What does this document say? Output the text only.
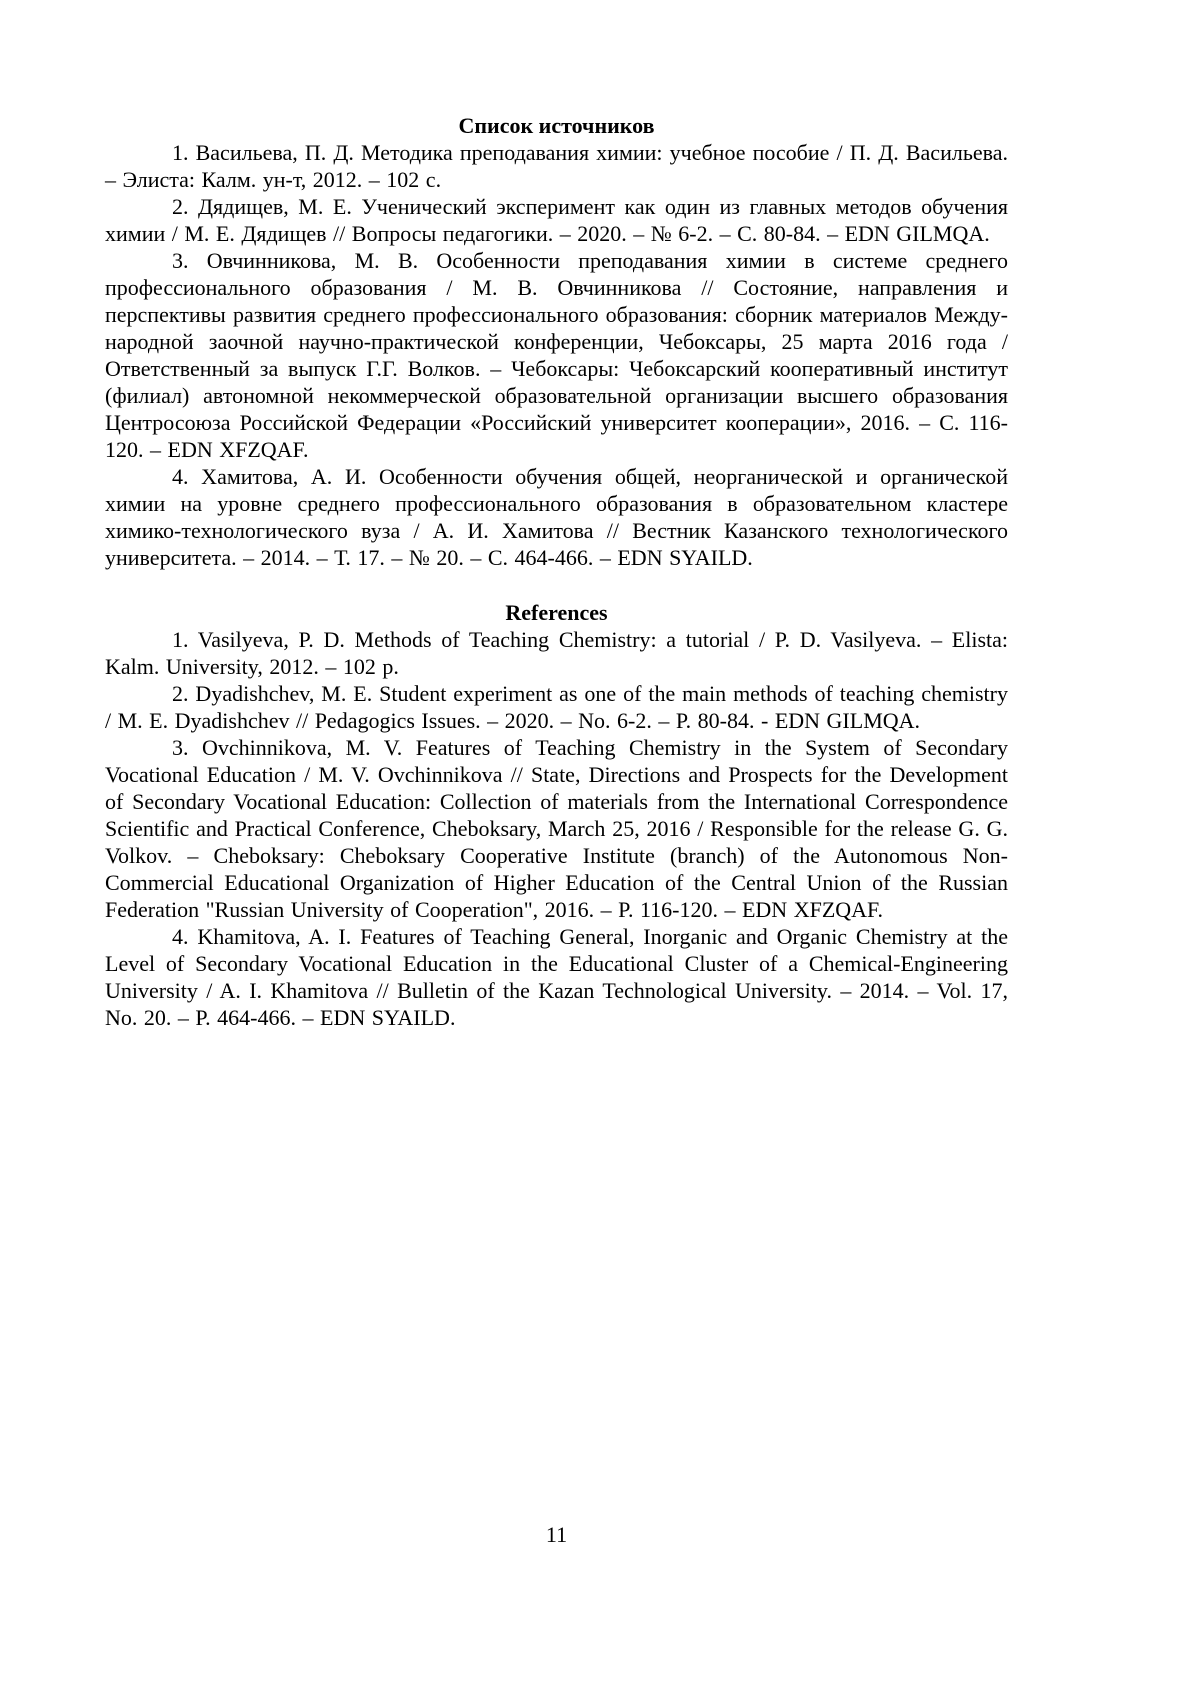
Список источников

1. Васильева, П. Д. Методика преподавания химии: учебное пособие / П. Д. Васильева. – Элиста: Калм. ун-т, 2012. – 102 с.

2. Дядищев, М. Е. Ученический эксперимент как один из главных методов обучения химии / М. Е. Дядищев // Вопросы педагогики. – 2020. – № 6-2. – С. 80-84. – EDN GILMQA.

3. Овчинникова, М. В. Особенности преподавания химии в системе среднего профессионального образования / М. В. Овчинникова // Состояние, направления и перспективы развития среднего профессионального образования: сборник материалов Между-народной заочной научно-практической конференции, Чебоксары, 25 марта 2016 года / Ответственный за выпуск Г.Г. Волков. – Чебоксары: Чебоксарский кооперативный институт (филиал) автономной некоммерческой образовательной организации высшего образования Центросоюза Российской Федерации «Российский университет кооперации», 2016. – С. 116-120. – EDN XFZQAF.

4. Хамитова, А. И. Особенности обучения общей, неорганической и органической химии на уровне среднего профессионального образования в образовательном кластере химико-технологического вуза / А. И. Хамитова // Вестник Казанского технологического университета. – 2014. – Т. 17. – № 20. – С. 464-466. – EDN SYAILD.

References

1. Vasilyeva, P. D. Methods of Teaching Chemistry: a tutorial / P. D. Vasilyeva. – Elista: Kalm. University, 2012. – 102 p.

2. Dyadishchev, M. E. Student experiment as one of the main methods of teaching chemistry / M. E. Dyadishchev // Pedagogics Issues. – 2020. – No. 6-2. – P. 80-84. - EDN GILMQA.

3. Ovchinnikova, M. V. Features of Teaching Chemistry in the System of Secondary Vocational Education / M. V. Ovchinnikova // State, Directions and Prospects for the Development of Secondary Vocational Education: Collection of materials from the International Correspondence Scientific and Practical Conference, Cheboksary, March 25, 2016 / Responsible for the release G. G. Volkov. – Cheboksary: Cheboksary Cooperative Institute (branch) of the Autonomous Non-Commercial Educational Organization of Higher Education of the Central Union of the Russian Federation "Russian University of Cooperation", 2016. – P. 116-120. – EDN XFZQAF.

4. Khamitova, A. I. Features of Teaching General, Inorganic and Organic Chemistry at the Level of Secondary Vocational Education in the Educational Cluster of a Chemical-Engineering University / A. I. Khamitova // Bulletin of the Kazan Technological University. – 2014. – Vol. 17, No. 20. – P. 464-466. – EDN SYAILD.

11
